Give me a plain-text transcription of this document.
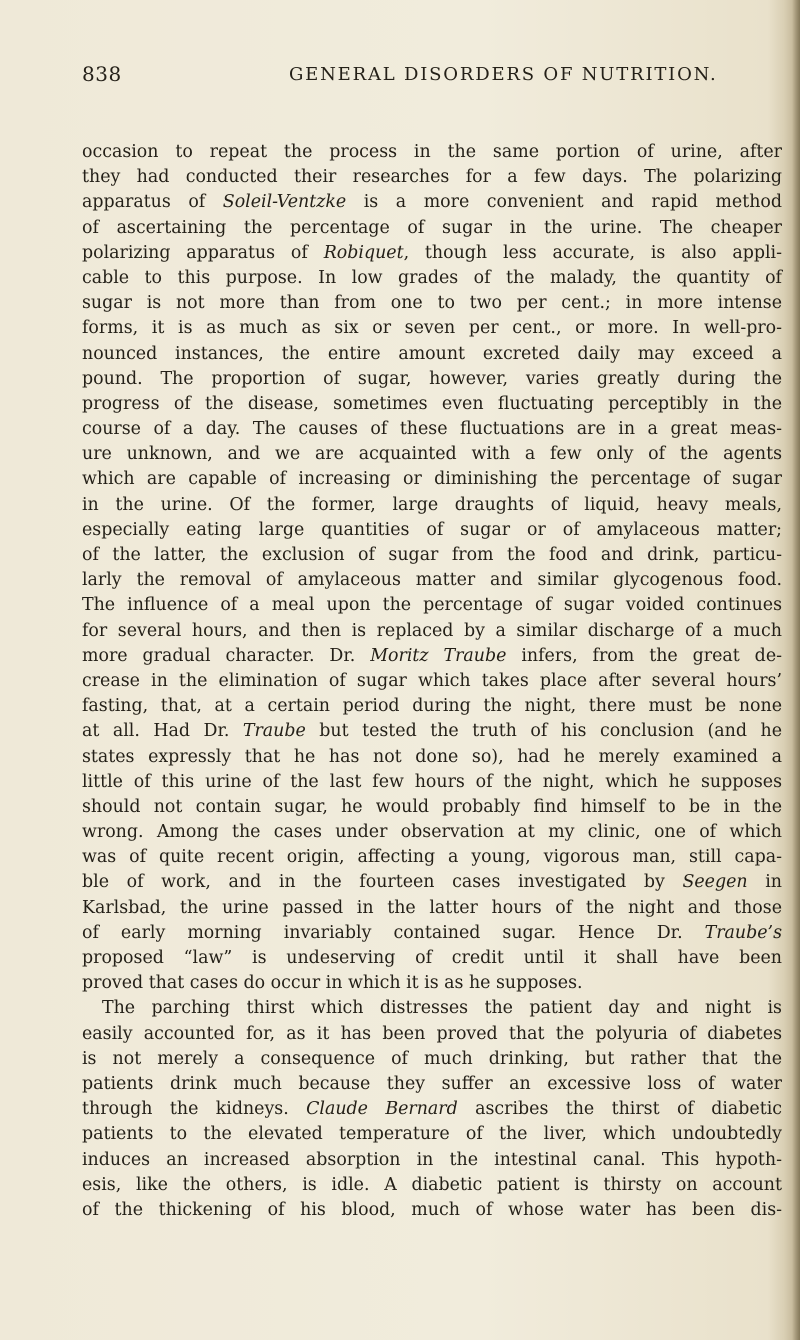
838	GENERAL DISORDERS OF NUTRITION.
occasion to repeat the process in the same portion of urine, after
they had conducted their researches for a few days. The polarizing
apparatus of Soleil-Ventzke is a more convenient and rapid method
of ascertaining the percentage of sugar in the urine. The cheaper
polarizing apparatus of Robiquet, though less accurate, is also appli-
cable to this purpose. In low grades of the malady, the quantity of
sugar is not more than from one to two per cent.; in more intense
forms, it is as much as six or seven per cent., or more. In well-pro-
nounced instances, the entire amount excreted daily may exceed a
pound. The proportion of sugar, however, varies greatly during the
progress of the disease, sometimes even fluctuating perceptibly in the
course of a day. The causes of these fluctuations are in a great meas-
ure unknown, and we are acquainted with a few only of the agents
which are capable of increasing or diminishing the percentage of sugar
in the urine. Of the former, large draughts of liquid, heavy meals,
especially eating large quantities of sugar or of amylaceous matter;
of the latter, the exclusion of sugar from the food and drink, particu-
larly the removal of amylaceous matter and similar glycogenous food.
The influence of a meal upon the percentage of sugar voided continues
for several hours, and then is replaced by a similar discharge of a much
more gradual character. Dr. Moritz Traube infers, from the great de-
crease in the elimination of sugar which takes place after several hours’
fasting, that, at a certain period during the night, there must be none
at all. Had Dr. Traube but tested the truth of his conclusion (and he
states expressly that he has not done so), had he merely examined a
little of this urine of the last few hours of the night, which he supposes
should not contain sugar, he would probably find himself to be in the
wrong. Among the cases under observation at my clinic, one of which
was of quite recent origin, affecting a young, vigorous man, still capa-
ble of work, and in the fourteen cases investigated by Seegen in
Karlsbad, the urine passed in the latter hours of the night and those
of early morning invariably contained sugar. Hence Dr. Traube’s
proposed “law” is undeserving of credit until it shall have been
proved that cases do occur in which it is as he supposes.
The parching thirst which distresses the patient day and night is
easily accounted for, as it has been proved that the polyuria of diabetes
is not merely a consequence of much drinking, but rather that the
patients drink much because they suffer an excessive loss of water
through the kidneys. Claude Bernard ascribes the thirst of diabetic
patients to the elevated temperature of the liver, which undoubtedly
induces an increased absorption in the intestinal canal. This hypoth-
esis, like the others, is idle. A diabetic patient is thirsty on account
of the thickening of his blood, much of whose water has been dis-
